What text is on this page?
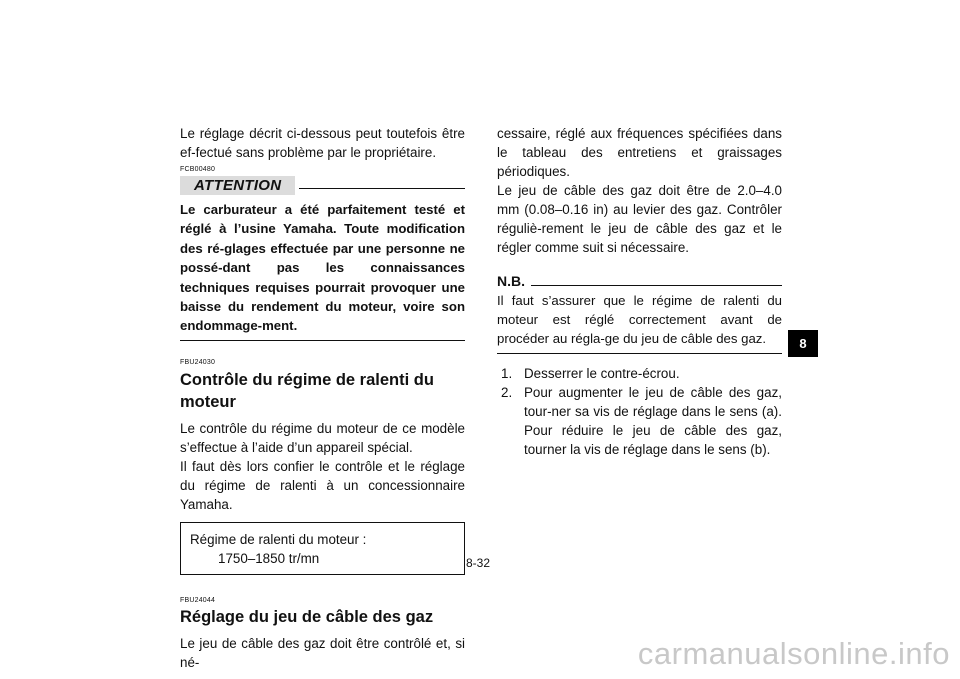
Le réglage décrit ci-dessous peut toutefois être ef-fectué sans problème par le propriétaire.

FCB00480
ATTENTION

Le carburateur a été parfaitement testé et réglé à l’usine Yamaha. Toute modification des ré-glages effectuée par une personne ne possé-dant pas les connaissances techniques requises pourrait provoquer une baisse du rendement du moteur, voire son endommage-ment.

FBU24030
Contrôle du régime de ralenti du moteur

Le contrôle du régime du moteur de ce modèle s’effectue à l’aide d’un appareil spécial.

Il faut dès lors confier le contrôle et le réglage du régime de ralenti à un concessionnaire Yamaha.

Régime de ralenti du moteur :

1750–1850 tr/mn

FBU24044
Réglage du jeu de câble des gaz

Le jeu de câble des gaz doit être contrôlé et, si né-

cessaire, réglé aux fréquences spécifiées dans le tableau des entretiens et graissages périodiques.

Le jeu de câble des gaz doit être de 2.0–4.0 mm (0.08–0.16 in) au levier des gaz. Contrôler réguliè-rement le jeu de câble des gaz et le régler comme suit si nécessaire.

N.B.

Il faut s’assurer que le régime de ralenti du moteur est réglé correctement avant de procéder au régla-ge du jeu de câble des gaz.

1. Desserrer le contre-écrou.
2. Pour augmenter le jeu de câble des gaz, tour-ner sa vis de réglage dans le sens (a). Pour réduire le jeu de câble des gaz, tourner la vis de réglage dans le sens (b).
8-32
8
carmanualsonline.info
